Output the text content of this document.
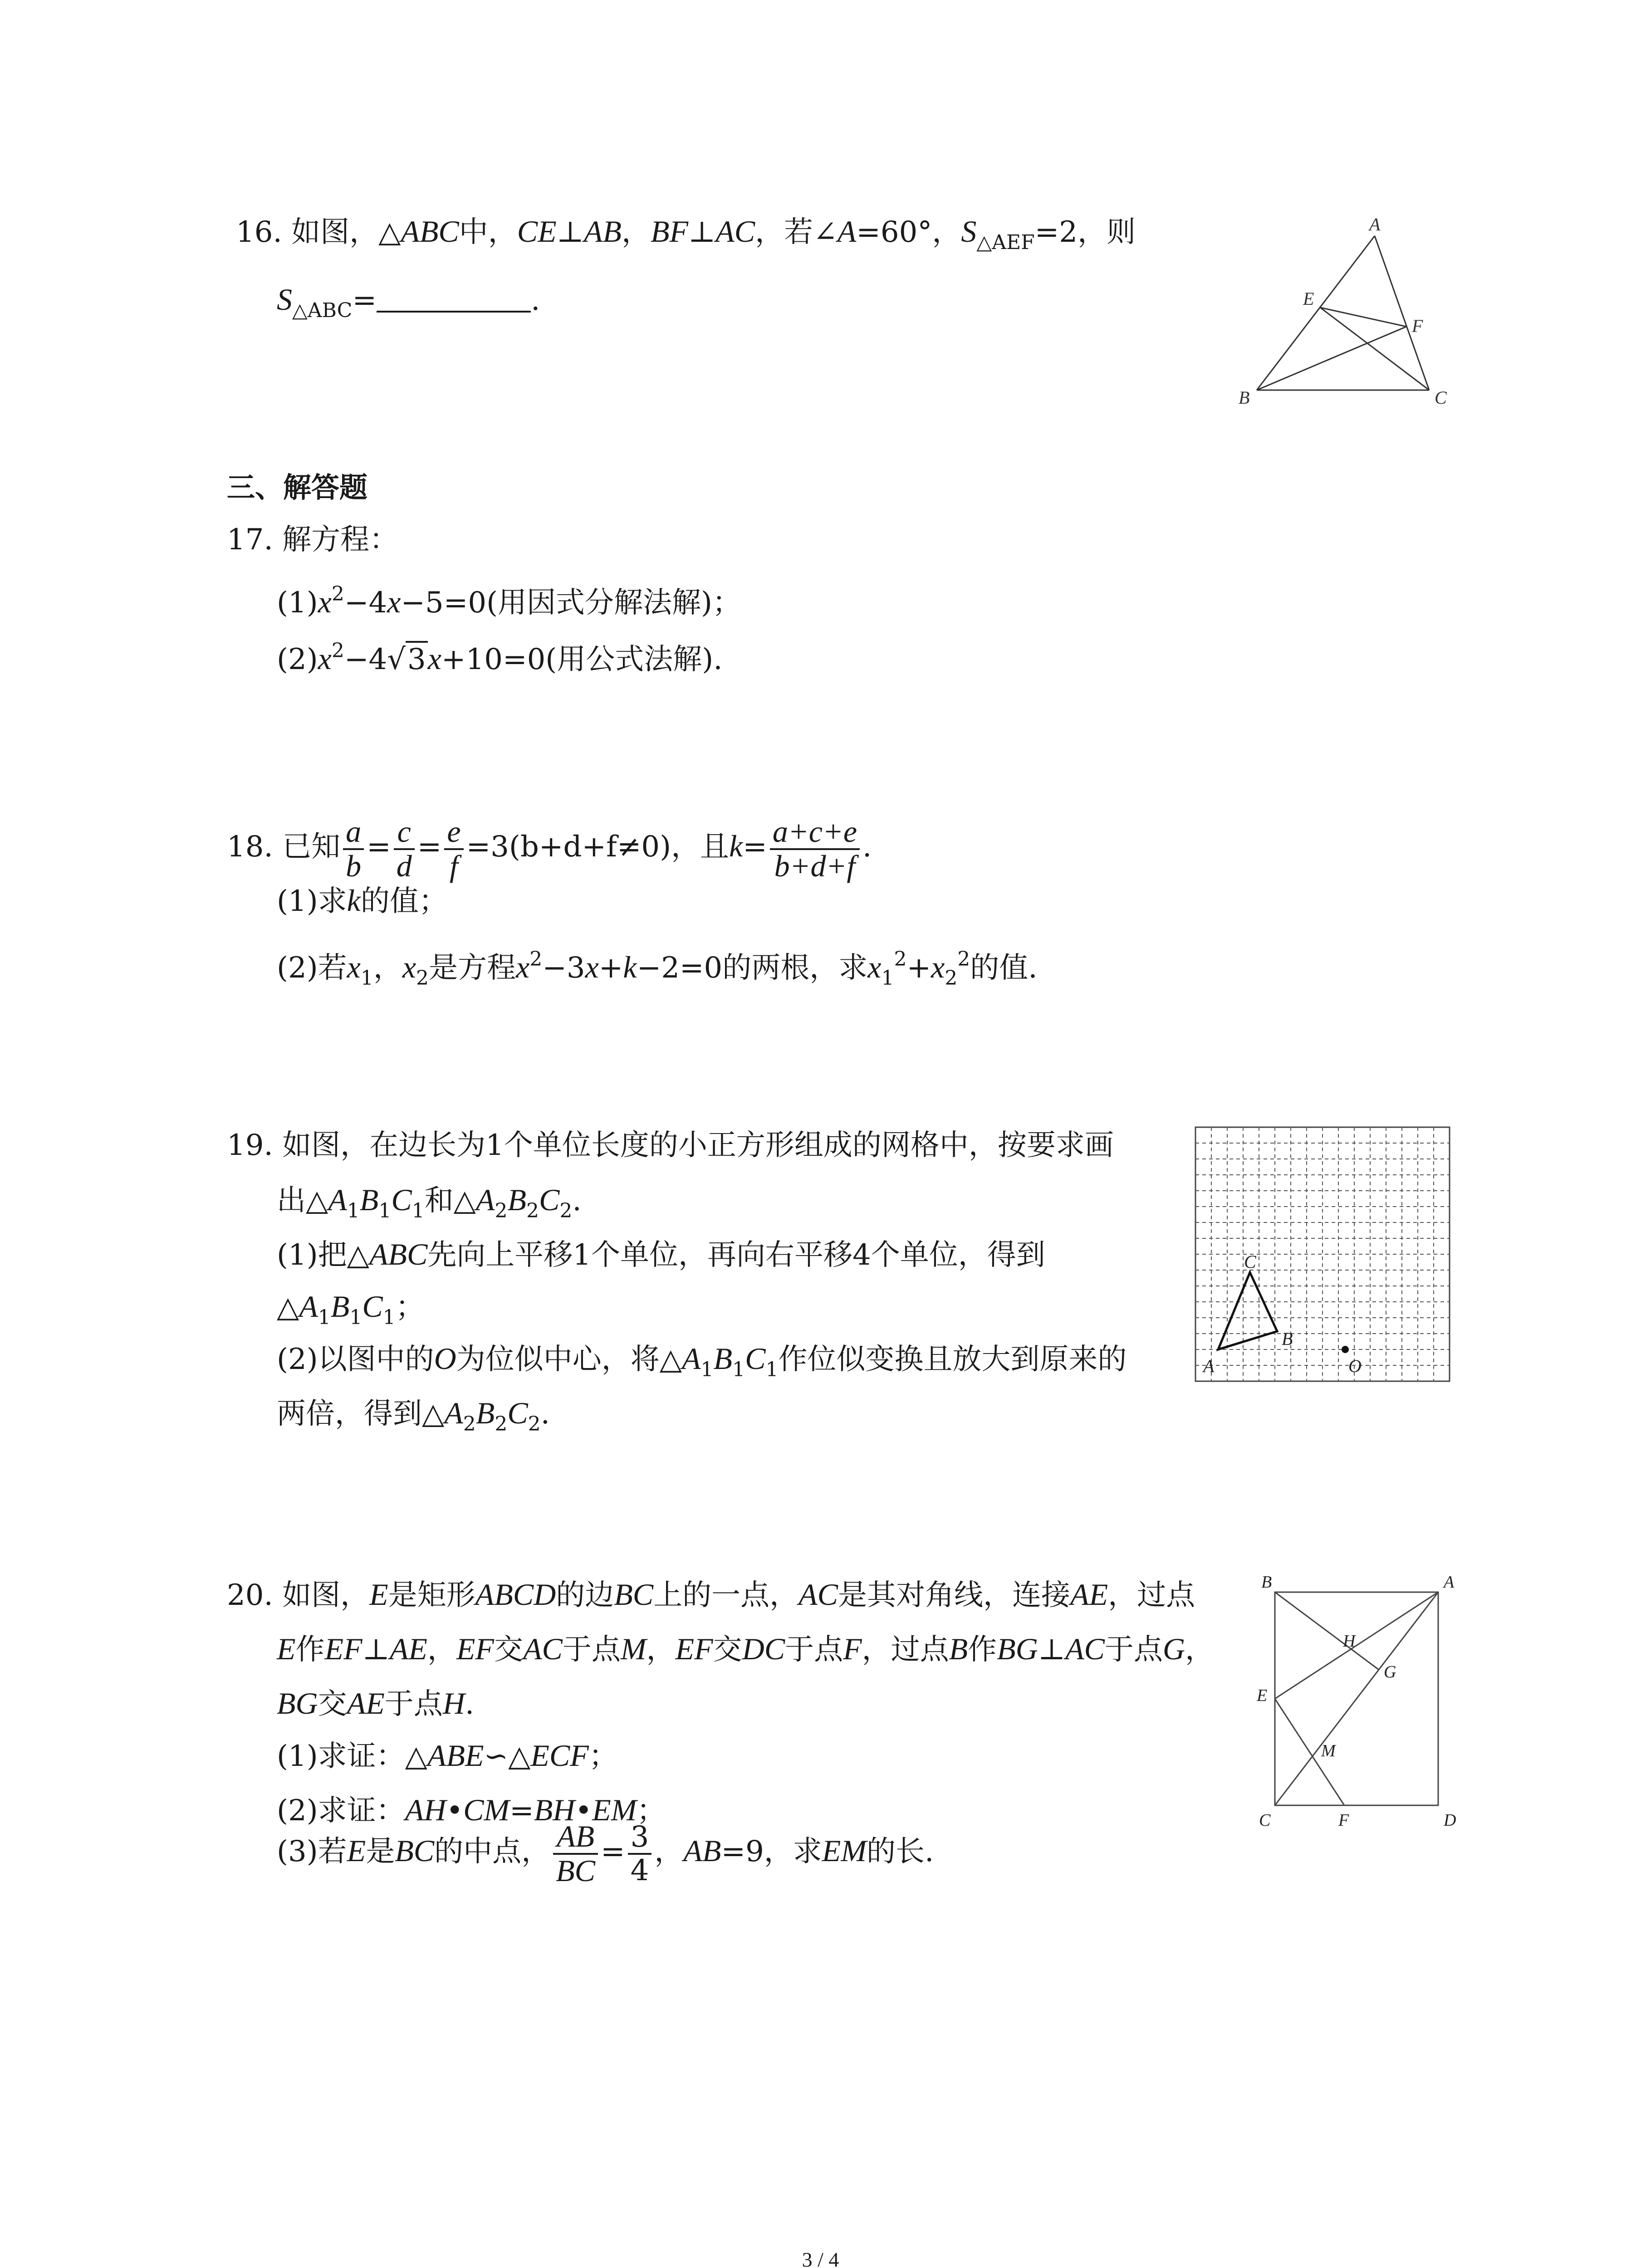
16. 如图，△ABC中，CE⊥AB，BF⊥AC，若∠A=60°，$S_{\triangle AEF}=2$，则
$S_{\triangle ABC}=$	.
A
B	C
E
F
三、解答题
17. 解方程：
$(1)x^2-4x-5=0$(用因式分解法解)；
$(2)x^2-4√3x+10=0$(用公式法解).
18. 已知 $\frac{a}{b} = \frac{c}{d} = \frac{e}{f} =3(b+d+f\ne 0)$，且$k= \frac{a+c+e}{b+d+f}$ .
(1)求k的值；
(2)若$x_1$，$x_2$是方程$x^2-3x+k-2=0$的两根，求$x_1^2+x_2^2$的值.
19. 如图，在边长为1个单位长度的小正方形组成的网格中，按要求画
出$\triangle A_1B_1C_1$和$\triangle A_2B_2C_2$.
(1)把△ABC先向上平移1个单位，再向右平移4个单位，得到
$\triangle A_1B_1C_1$；
(2)以图中的O为位似中心，将$\triangle A_1B_1C_1$作位似变换且放大到原来的
两倍，得到$\triangle A_2B_2C_2$.
A
B
C
O
20. 如图，E是矩形ABCD的边BC上的一点，AC是其对角线，连接AE，过点
E作EF⊥AE，EF交AC于点M，EF交DC于点F，过点B作BG⊥AC于点G，
BG交AE于点H.
(1)求证：△ABE∽△ECF；
(2)求证：AH•CM=BH•EM；
(3)若E是BC的中点， $\frac{AB}{BC} = \frac{3}{4}$ ，AB=9，求EM的长.
B	A
C	D
E
F
G
H
M
3 / 4
